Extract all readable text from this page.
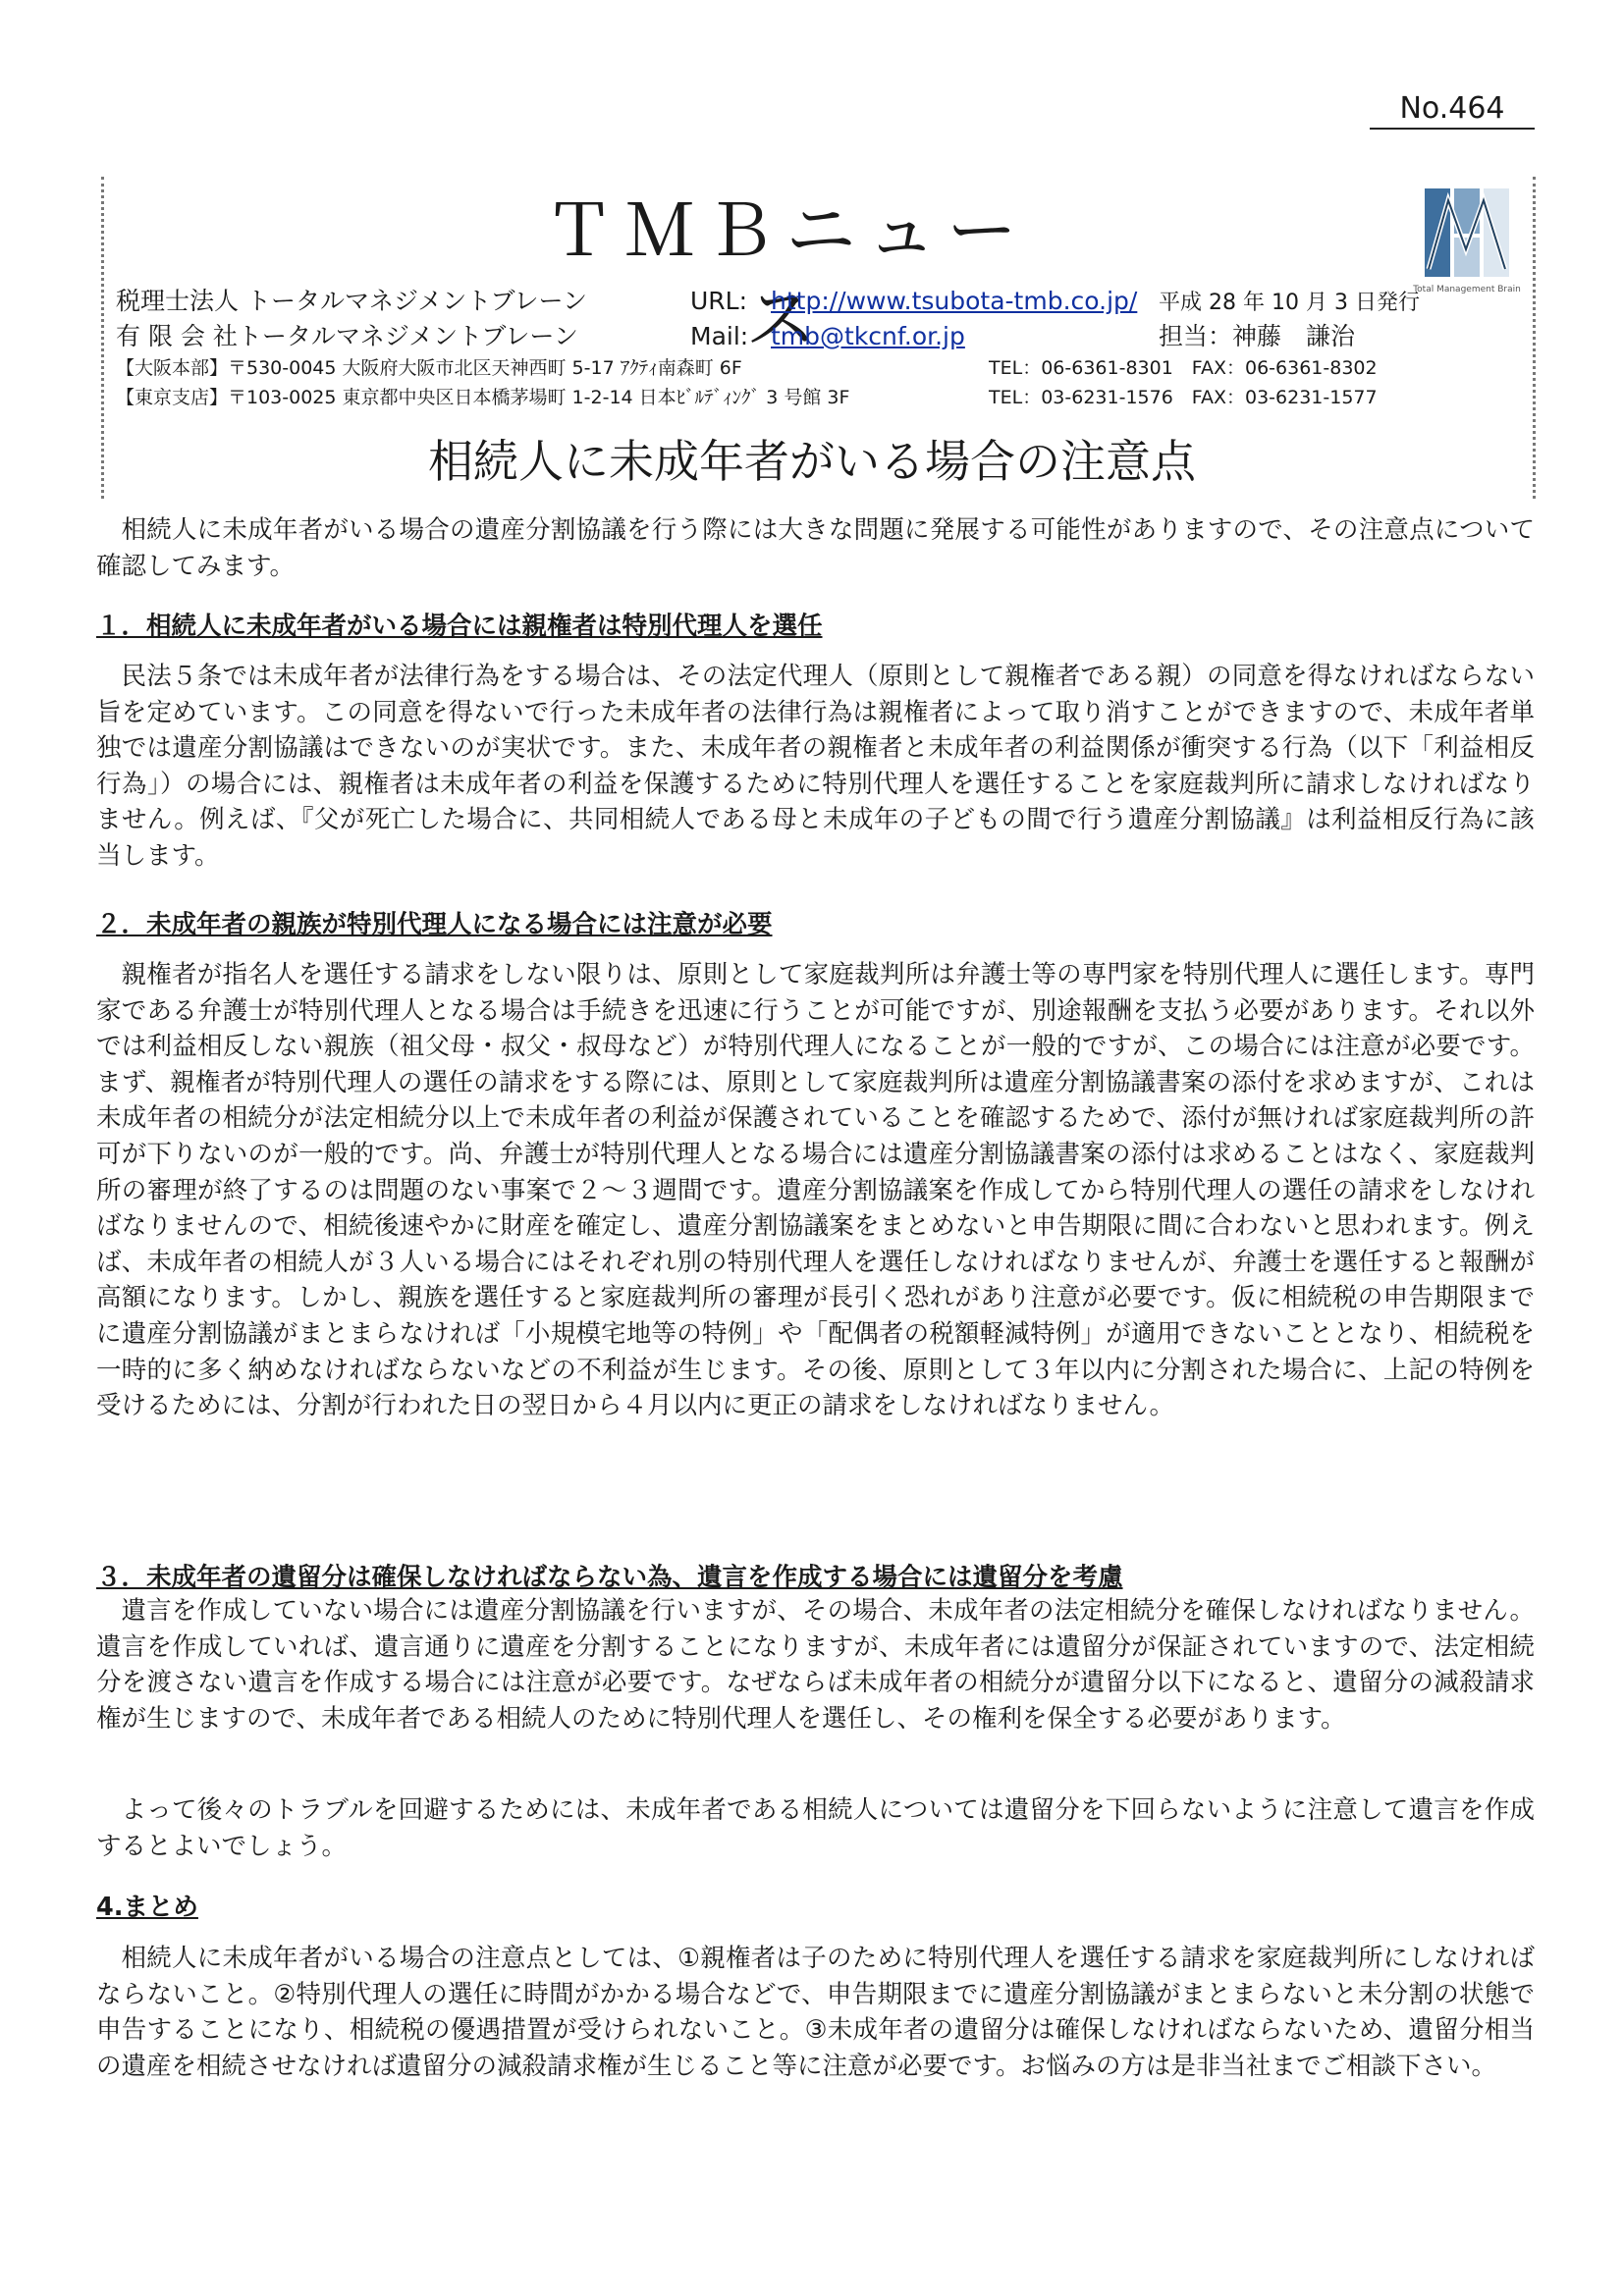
No.464
ＴＭＢニュース	Total Management Brain
税理士法人 トータルマネジメントブレーン	URL: http://www.tsubota-tmb.co.jp/ 平成 28 年 10 月 3 日発行
有 限 会 社トータルマネジメントブレーン	Mail: tmb@tkcnf.or.jp	担当：神藤　謙治
【大阪本部】〒530-0045 大阪府大阪市北区天神西町 5-17 ｱｸﾃｨ南森町 6F	TEL：06-6361-8301　FAX：06-6361-8302
【東京支店】〒103-0025 東京都中央区日本橋茅場町 1-2-14 日本ﾋﾞﾙﾃﾞｨﾝｸﾞ 3 号館 3F	TEL：03-6231-1576　FAX：03-6231-1577
相続人に未成年者がいる場合の注意点

相続人に未成年者がいる場合の遺産分割協議を行う際には大きな問題に発展する可能性がありますので、その注意点について確認してみます。

１．相続人に未成年者がいる場合には親権者は特別代理人を選任

民法５条では未成年者が法律行為をする場合は、その法定代理人（原則として親権者である親）の同意を得なければならない旨を定めています。この同意を得ないで行った未成年者の法律行為は親権者によって取り消すことができますので、未成年者単独では遺産分割協議はできないのが実状です。また、未成年者の親権者と未成年者の利益関係が衝突する行為（以下「利益相反行為」）の場合には、親権者は未成年者の利益を保護するために特別代理人を選任することを家庭裁判所に請求しなければなりません。例えば、『父が死亡した場合に、共同相続人である母と未成年の子どもの間で行う遺産分割協議』は利益相反行為に該当します。

２．未成年者の親族が特別代理人になる場合には注意が必要

親権者が指名人を選任する請求をしない限りは、原則として家庭裁判所は弁護士等の専門家を特別代理人に選任します。専門家である弁護士が特別代理人となる場合は手続きを迅速に行うことが可能ですが、別途報酬を支払う必要があります。それ以外では利益相反しない親族（祖父母・叔父・叔母など）が特別代理人になることが一般的ですが、この場合には注意が必要です。まず、親権者が特別代理人の選任の請求をする際には、原則として家庭裁判所は遺産分割協議書案の添付を求めますが、これは未成年者の相続分が法定相続分以上で未成年者の利益が保護されていることを確認するためで、添付が無ければ家庭裁判所の許可が下りないのが一般的です。尚、弁護士が特別代理人となる場合には遺産分割協議書案の添付は求めることはなく、家庭裁判所の審理が終了するのは問題のない事案で２～３週間です。遺産分割協議案を作成してから特別代理人の選任の請求をしなければなりませんので、相続後速やかに財産を確定し、遺産分割協議案をまとめないと申告期限に間に合わないと思われます。例えば、未成年者の相続人が３人いる場合にはそれぞれ別の特別代理人を選任しなければなりませんが、弁護士を選任すると報酬が高額になります。しかし、親族を選任すると家庭裁判所の審理が長引く恐れがあり注意が必要です。仮に相続税の申告期限までに遺産分割協議がまとまらなければ「小規模宅地等の特例」や「配偶者の税額軽減特例」が適用できないこととなり、相続税を一時的に多く納めなければならないなどの不利益が生じます。その後、原則として３年以内に分割された場合に、上記の特例を受けるためには、分割が行われた日の翌日から４月以内に更正の請求をしなければなりません。

３．未成年者の遺留分は確保しなければならない為、遺言を作成する場合には遺留分を考慮

遺言を作成していない場合には遺産分割協議を行いますが、その場合、未成年者の法定相続分を確保しなければなりません。遺言を作成していれば、遺言通りに遺産を分割することになりますが、未成年者には遺留分が保証されていますので、法定相続分を渡さない遺言を作成する場合には注意が必要です。なぜならば未成年者の相続分が遺留分以下になると、遺留分の減殺請求権が生じますので、未成年者である相続人のために特別代理人を選任し、その権利を保全する必要があります。

よって後々のトラブルを回避するためには、未成年者である相続人については遺留分を下回らないように注意して遺言を作成するとよいでしょう。

4.まとめ

相続人に未成年者がいる場合の注意点としては、①親権者は子のために特別代理人を選任する請求を家庭裁判所にしなければならないこと。②特別代理人の選任に時間がかかる場合などで、申告期限までに遺産分割協議がまとまらないと未分割の状態で申告することになり、相続税の優遇措置が受けられないこと。③未成年者の遺留分は確保しなければならないため、遺留分相当の遺産を相続させなければ遺留分の減殺請求権が生じること等に注意が必要です。お悩みの方は是非当社までご相談下さい。
